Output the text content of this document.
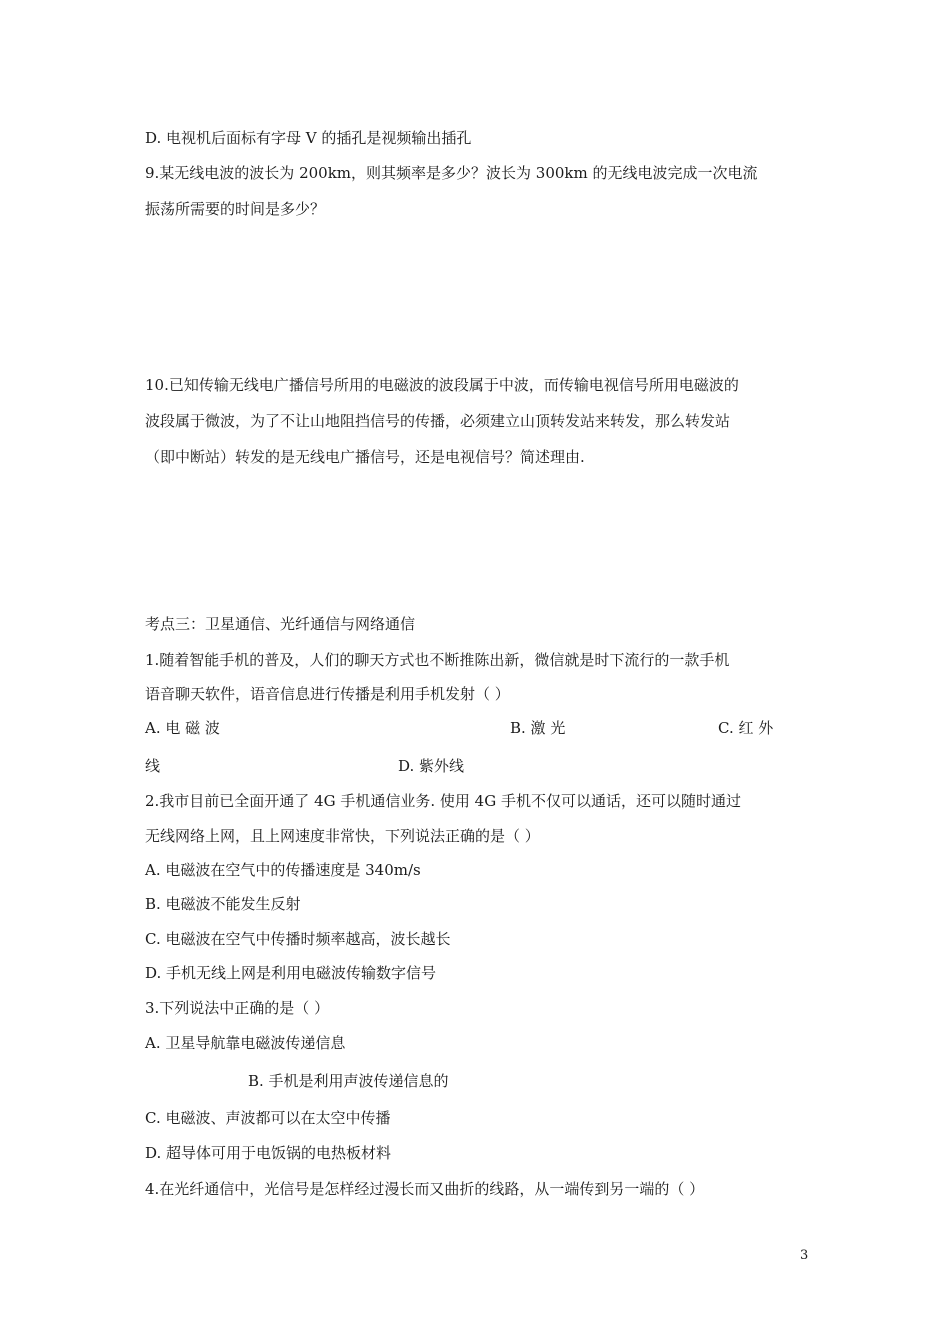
D. 电视机后面标有字母 V 的插孔是视频输出插孔
9.某无线电波的波长为 200km，则其频率是多少？波长为 300km 的无线电波完成一次电流
振荡所需要的时间是多少？
10.已知传输无线电广播信号所用的电磁波的波段属于中波，而传输电视信号所用电磁波的
波段属于微波，为了不让山地阻挡信号的传播，必须建立山顶转发站来转发，那么转发站
（即中断站）转发的是无线电广播信号，还是电视信号？简述理由.
考点三：卫星通信、光纤通信与网络通信
1.随着智能手机的普及，人们的聊天方式也不断推陈出新，微信就是时下流行的一款手机
语音聊天软件，语音信息进行传播是利用手机发射（ ）
A. 电 磁 波	B. 激 光	C. 红 外
线	D. 紫外线
2.我市目前已全面开通了 4G 手机通信业务. 使用 4G 手机不仅可以通话，还可以随时通过
无线网络上网，且上网速度非常快，下列说法正确的是（ ）
A. 电磁波在空气中的传播速度是 340m/s
B. 电磁波不能发生反射
C. 电磁波在空气中传播时频率越高，波长越长
D. 手机无线上网是利用电磁波传输数字信号
3.下列说法中正确的是（ ）
A. 卫星导航靠电磁波传递信息
B. 手机是利用声波传递信息的
C. 电磁波、声波都可以在太空中传播
D. 超导体可用于电饭锅的电热板材料
4.在光纤通信中，光信号是怎样经过漫长而又曲折的线路，从一端传到另一端的（ ）
3
